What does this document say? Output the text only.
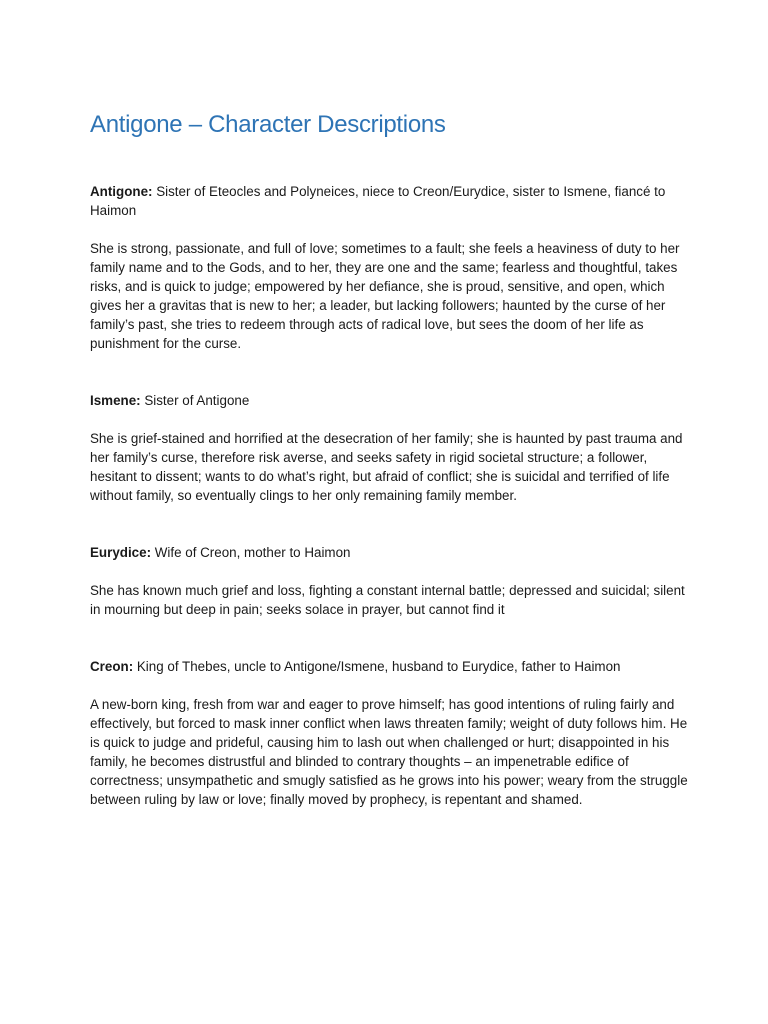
Antigone – Character Descriptions

Antigone: Sister of Eteocles and Polyneices, niece to Creon/Eurydice, sister to Ismene, fiancé to Haimon

She is strong, passionate, and full of love; sometimes to a fault; she feels a heaviness of duty to her family name and to the Gods, and to her, they are one and the same; fearless and thoughtful, takes risks, and is quick to judge; empowered by her defiance, she is proud, sensitive, and open, which gives her a gravitas that is new to her; a leader, but lacking followers; haunted by the curse of her family’s past, she tries to redeem through acts of radical love, but sees the doom of her life as punishment for the curse.

Ismene: Sister of Antigone

She is grief-stained and horrified at the desecration of her family; she is haunted by past trauma and her family’s curse, therefore risk averse, and seeks safety in rigid societal structure; a follower, hesitant to dissent; wants to do what’s right, but afraid of conflict; she is suicidal and terrified of life without family, so eventually clings to her only remaining family member.

Eurydice: Wife of Creon, mother to Haimon

She has known much grief and loss, fighting a constant internal battle; depressed and suicidal; silent in mourning but deep in pain; seeks solace in prayer, but cannot find it

Creon: King of Thebes, uncle to Antigone/Ismene, husband to Eurydice, father to Haimon

A new-born king, fresh from war and eager to prove himself; has good intentions of ruling fairly and effectively, but forced to mask inner conflict when laws threaten family; weight of duty follows him. He is quick to judge and prideful, causing him to lash out when challenged or hurt; disappointed in his family, he becomes distrustful and blinded to contrary thoughts – an impenetrable edifice of correctness; unsympathetic and smugly satisfied as he grows into his power; weary from the struggle between ruling by law or love; finally moved by prophecy, is repentant and shamed.
